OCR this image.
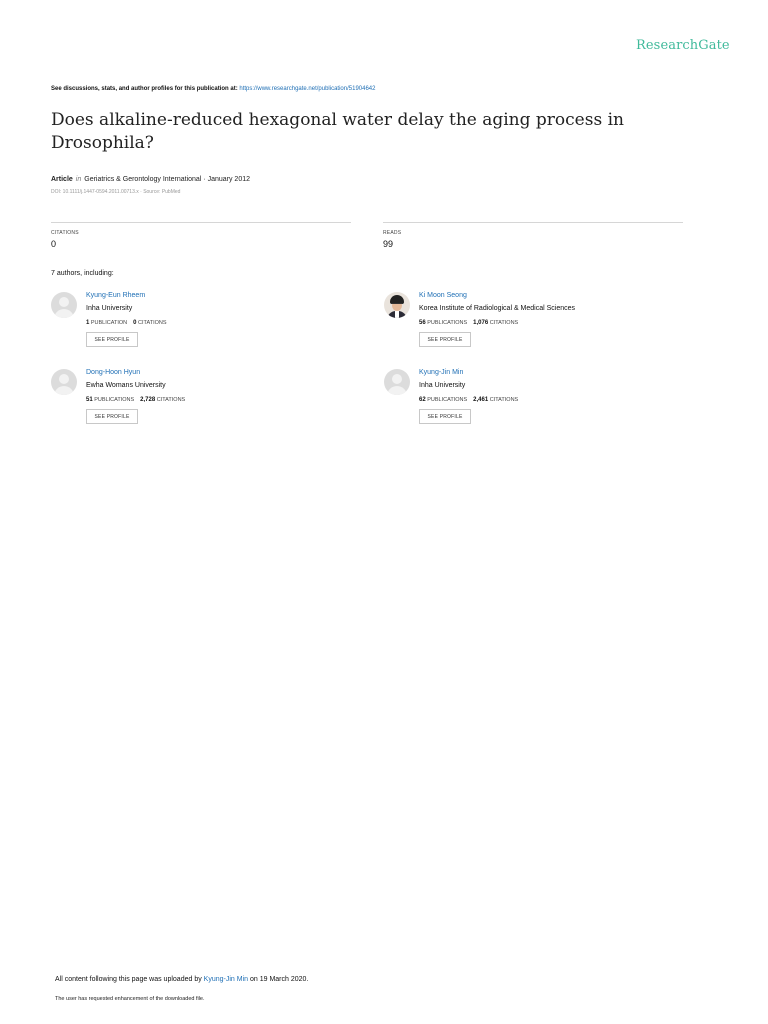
ResearchGate
See discussions, stats, and author profiles for this publication at: https://www.researchgate.net/publication/51904642
Does alkaline-reduced hexagonal water delay the aging process in Drosophila?
Article in Geriatrics & Gerontology International · January 2012
DOI: 10.1111/j.1447-0594.2011.00713.x · Source: PubMed
CITATIONS
0
READS
99
7 authors, including:
Kyung-Eun Rheem
Inha University
1 PUBLICATION 0 CITATIONS
SEE PROFILE
Ki Moon Seong
Korea Institute of Radiological & Medical Sciences
56 PUBLICATIONS 1,076 CITATIONS
SEE PROFILE
Dong-Hoon Hyun
Ewha Womans University
51 PUBLICATIONS 2,728 CITATIONS
SEE PROFILE
Kyung-Jin Min
Inha University
62 PUBLICATIONS 2,461 CITATIONS
SEE PROFILE
All content following this page was uploaded by Kyung-Jin Min on 19 March 2020.
The user has requested enhancement of the downloaded file.
